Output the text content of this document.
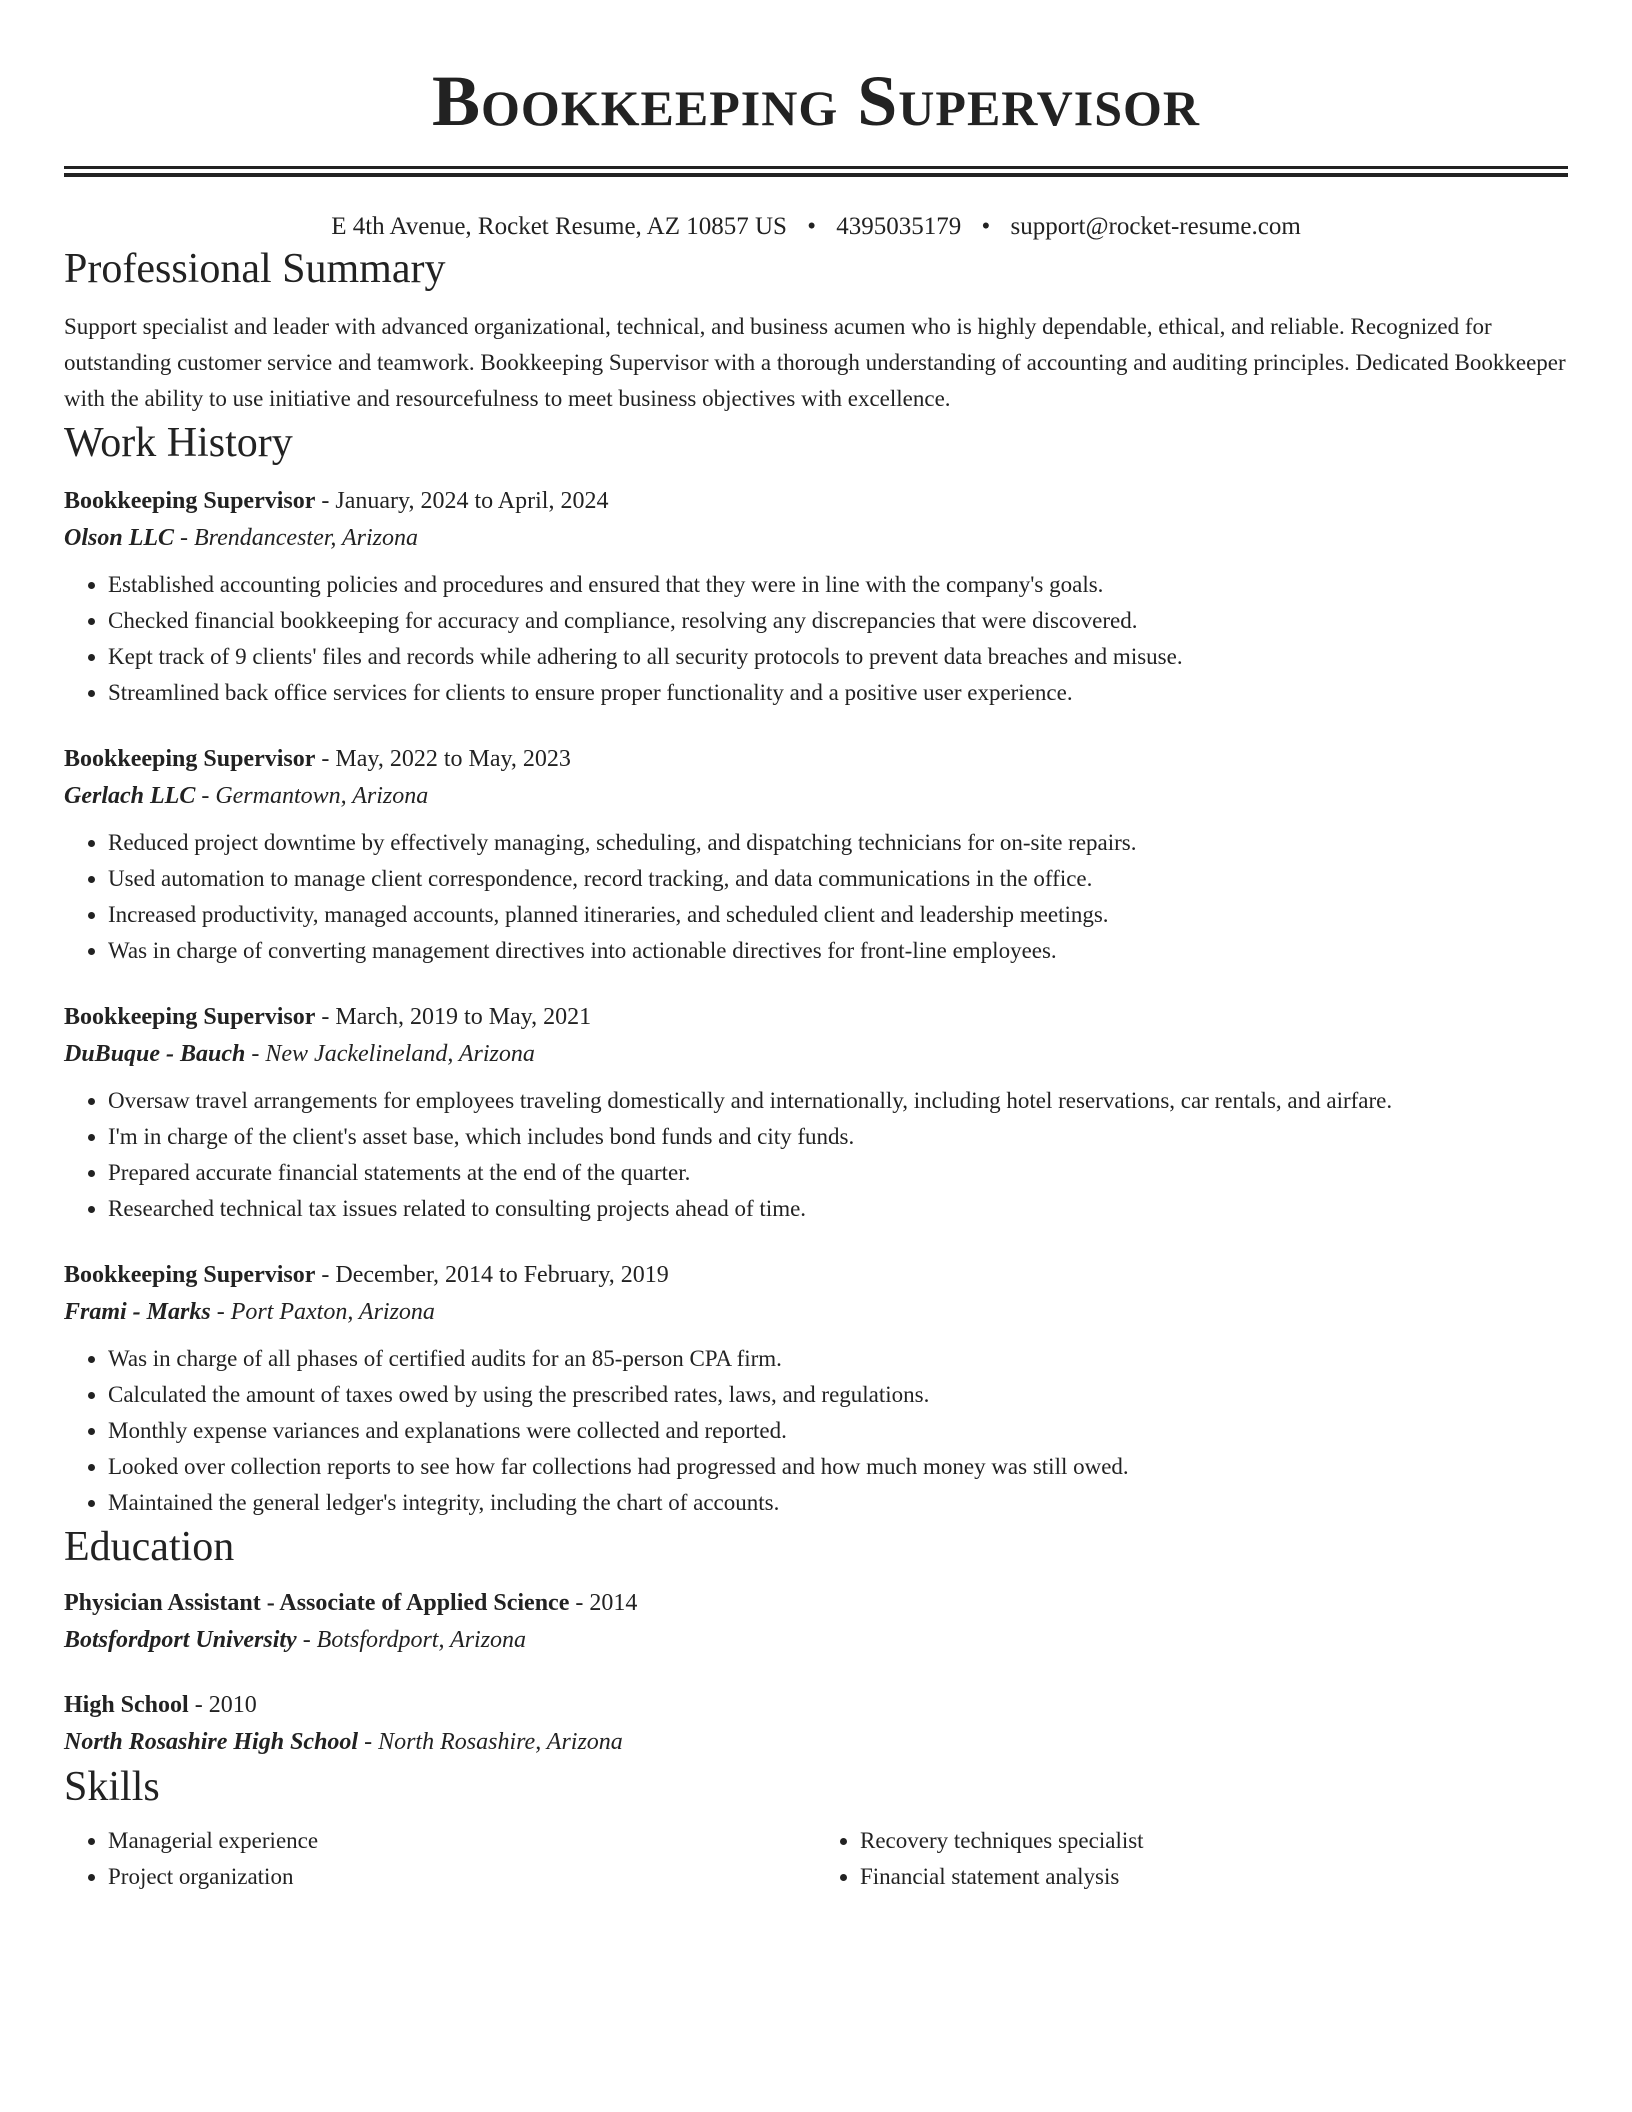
Bookkeeping Supervisor
E 4th Avenue, Rocket Resume, AZ 10857 US • 4395035179 • support@rocket-resume.com
Professional Summary
Support specialist and leader with advanced organizational, technical, and business acumen who is highly dependable, ethical, and reliable. Recognized for outstanding customer service and teamwork. Bookkeeping Supervisor with a thorough understanding of accounting and auditing principles. Dedicated Bookkeeper with the ability to use initiative and resourcefulness to meet business objectives with excellence.
Work History
Bookkeeping Supervisor - January, 2024 to April, 2024
Olson LLC - Brendancester, Arizona
• Established accounting policies and procedures and ensured that they were in line with the company's goals.
• Checked financial bookkeeping for accuracy and compliance, resolving any discrepancies that were discovered.
• Kept track of 9 clients' files and records while adhering to all security protocols to prevent data breaches and misuse.
• Streamlined back office services for clients to ensure proper functionality and a positive user experience.
Bookkeeping Supervisor - May, 2022 to May, 2023
Gerlach LLC - Germantown, Arizona
• Reduced project downtime by effectively managing, scheduling, and dispatching technicians for on-site repairs.
• Used automation to manage client correspondence, record tracking, and data communications in the office.
• Increased productivity, managed accounts, planned itineraries, and scheduled client and leadership meetings.
• Was in charge of converting management directives into actionable directives for front-line employees.
Bookkeeping Supervisor - March, 2019 to May, 2021
DuBuque - Bauch - New Jackelineland, Arizona
• Oversaw travel arrangements for employees traveling domestically and internationally, including hotel reservations, car rentals, and airfare.
• I'm in charge of the client's asset base, which includes bond funds and city funds.
• Prepared accurate financial statements at the end of the quarter.
• Researched technical tax issues related to consulting projects ahead of time.
Bookkeeping Supervisor - December, 2014 to February, 2019
Frami - Marks - Port Paxton, Arizona
• Was in charge of all phases of certified audits for an 85-person CPA firm.
• Calculated the amount of taxes owed by using the prescribed rates, laws, and regulations.
• Monthly expense variances and explanations were collected and reported.
• Looked over collection reports to see how far collections had progressed and how much money was still owed.
• Maintained the general ledger's integrity, including the chart of accounts.
Education
Physician Assistant - Associate of Applied Science - 2014
Botsfordport University - Botsfordport, Arizona
High School - 2010
North Rosashire High School - North Rosashire, Arizona
Skills
• Managerial experience
• Project organization
• Recovery techniques specialist
• Financial statement analysis
